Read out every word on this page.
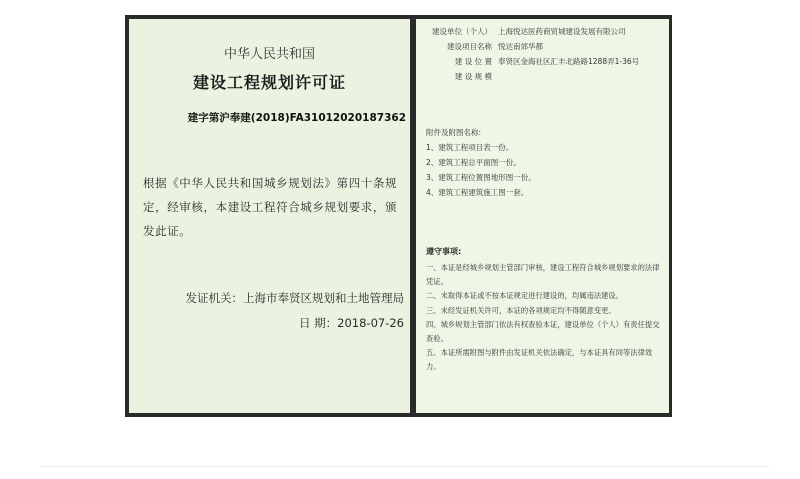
中华人民共和国
建设工程规划许可证
建字第沪奉建(2018)FA31012020187362
根据《中华人民共和国城乡规划法》第四十条规定，经审核，本建设工程符合城乡规划要求，颁发此证。
发证机关：上海市奉贤区规划和土地管理局
日 期：2018-07-26
建设单位（个人） 上海悦达医药商贸城建设发展有限公司
建设项目名称 悦达南郊华都
建 设 位 置 奉贤区金海社区汇丰北路路1288弄1-36号
建 设 规 模
附件及附图名称:
1、建筑工程项目表一份。
2、建筑工程总平面图一份。
3、建筑工程位置图地形图一份。
4、建筑工程建筑施工图一套。
遵守事项:
一、本证是经城乡规划主管部门审核，建设工程符合城乡规划要求的法律凭证。
二、未取得本证或不按本证规定进行建设的，均属违法建设。
三、未经发证机关许可，本证的各项规定均不得随意变更。
四、城乡规划主管部门依法有权查验本证，建设单位（个人）有责任提交查验。
五、本证所需附图与附件由发证机关依法确定，与本证具有同等法律效力。
